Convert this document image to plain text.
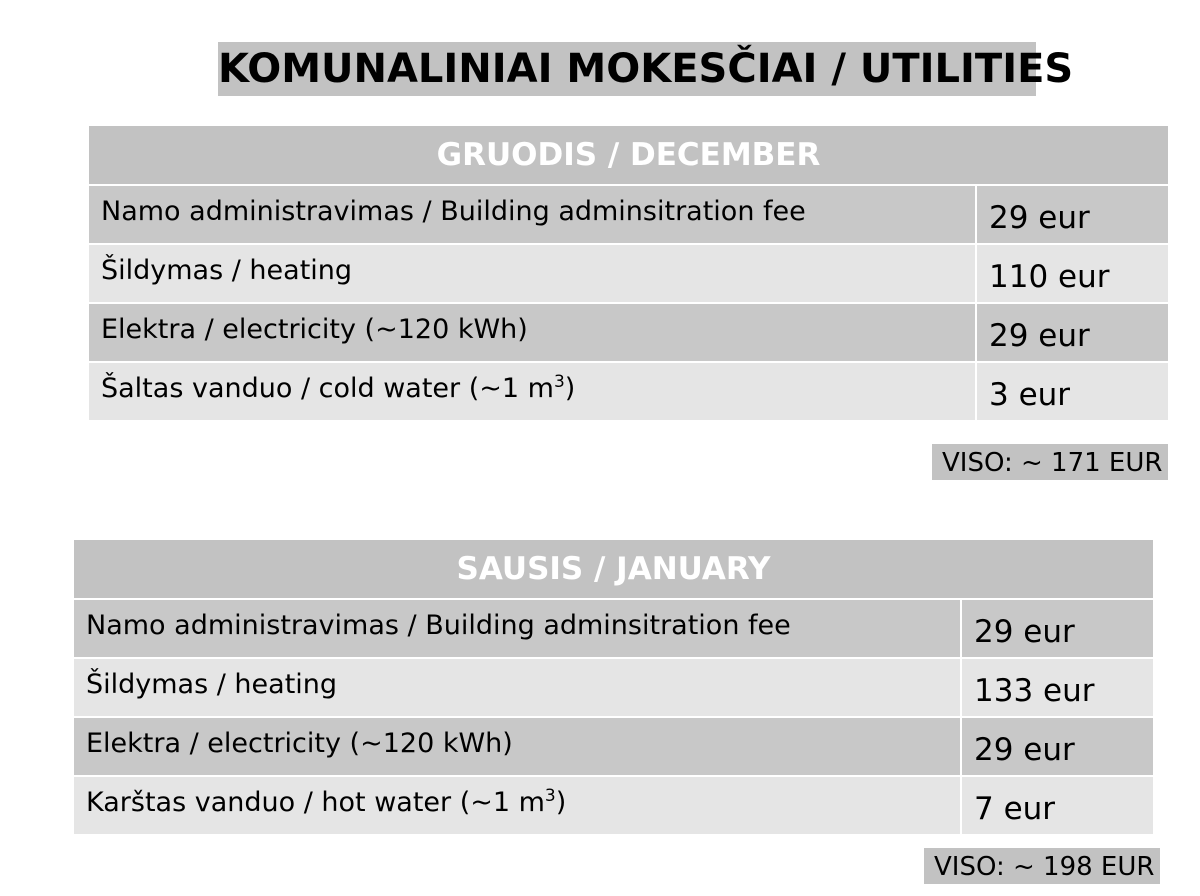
KOMUNALINIAI MOKESČIAI / UTILITIES
GRUODIS / DECEMBER	
Namo administravimas / Building adminsitration fee	29 eur
Šildymas / heating	110 eur
Elektra / electricity (~120 kWh)	29 eur
Šaltas vanduo / cold water (~1 $m^3$)	3 eur
VISO: ~ 171 EUR
SAUSIS / JANUARY	
Namo administravimas / Building adminsitration fee	29 eur
Šildymas / heating	133 eur
Elektra / electricity (~120 kWh)	29 eur
Karštas vanduo / hot water (~1 $m^3$)	7 eur
VISO: ~ 198 EUR
